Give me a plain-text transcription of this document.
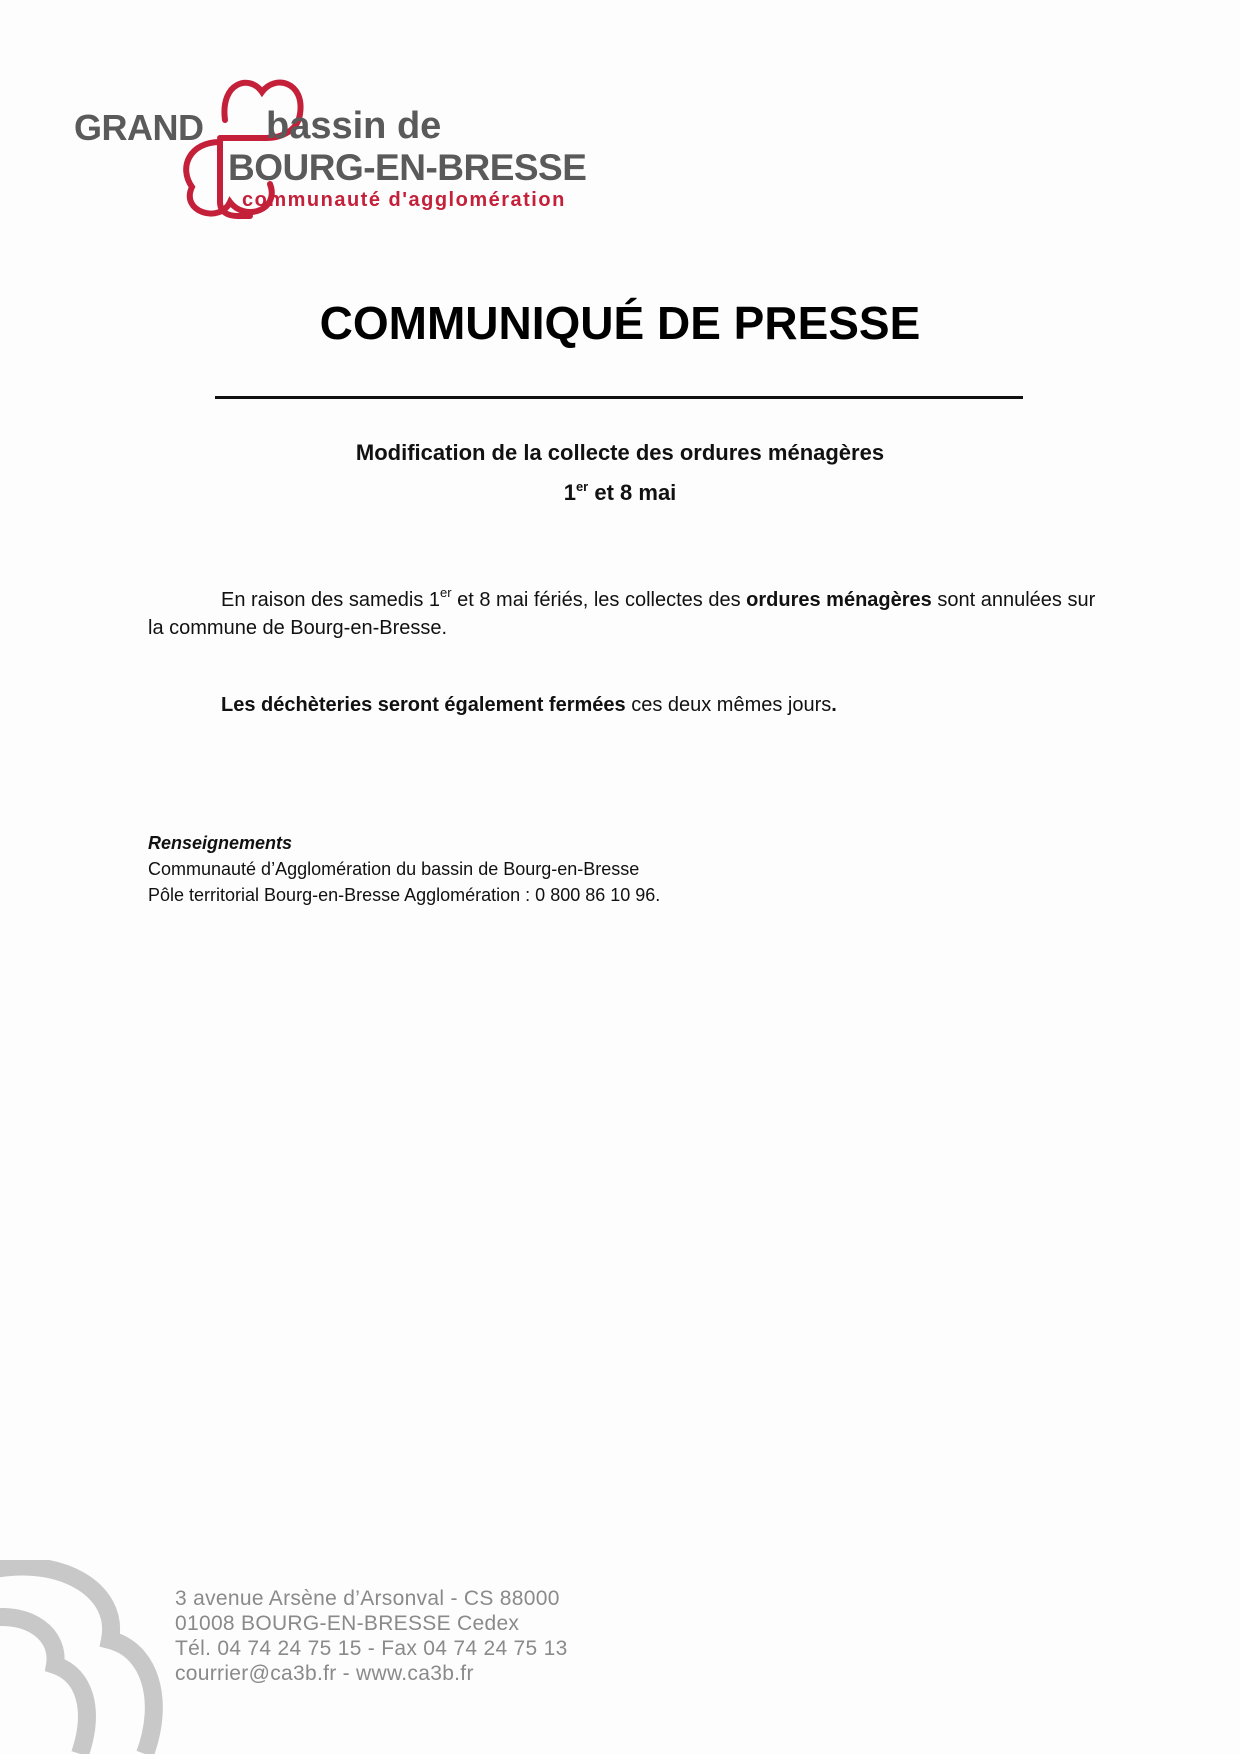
GRAND bassin de
BOURG-EN-BRESSE
communauté d'agglomération
COMMUNIQUÉ DE PRESSE
Modification de la collecte des ordures ménagères
1er et 8 mai
En raison des samedis 1er et 8 mai fériés, les collectes des ordures ménagères sont annulées sur la commune de Bourg-en-Bresse.
Les déchèteries seront également fermées ces deux mêmes jours.
Renseignements
Communauté d’Agglomération du bassin de Bourg-en-Bresse
Pôle territorial Bourg-en-Bresse Agglomération : 0 800 86 10 96.
3 avenue Arsène d’Arsonval - CS 88000
01008 BOURG-EN-BRESSE Cedex
Tél. 04 74 24 75 15 - Fax 04 74 24 75 13
courrier@ca3b.fr - www.ca3b.fr
